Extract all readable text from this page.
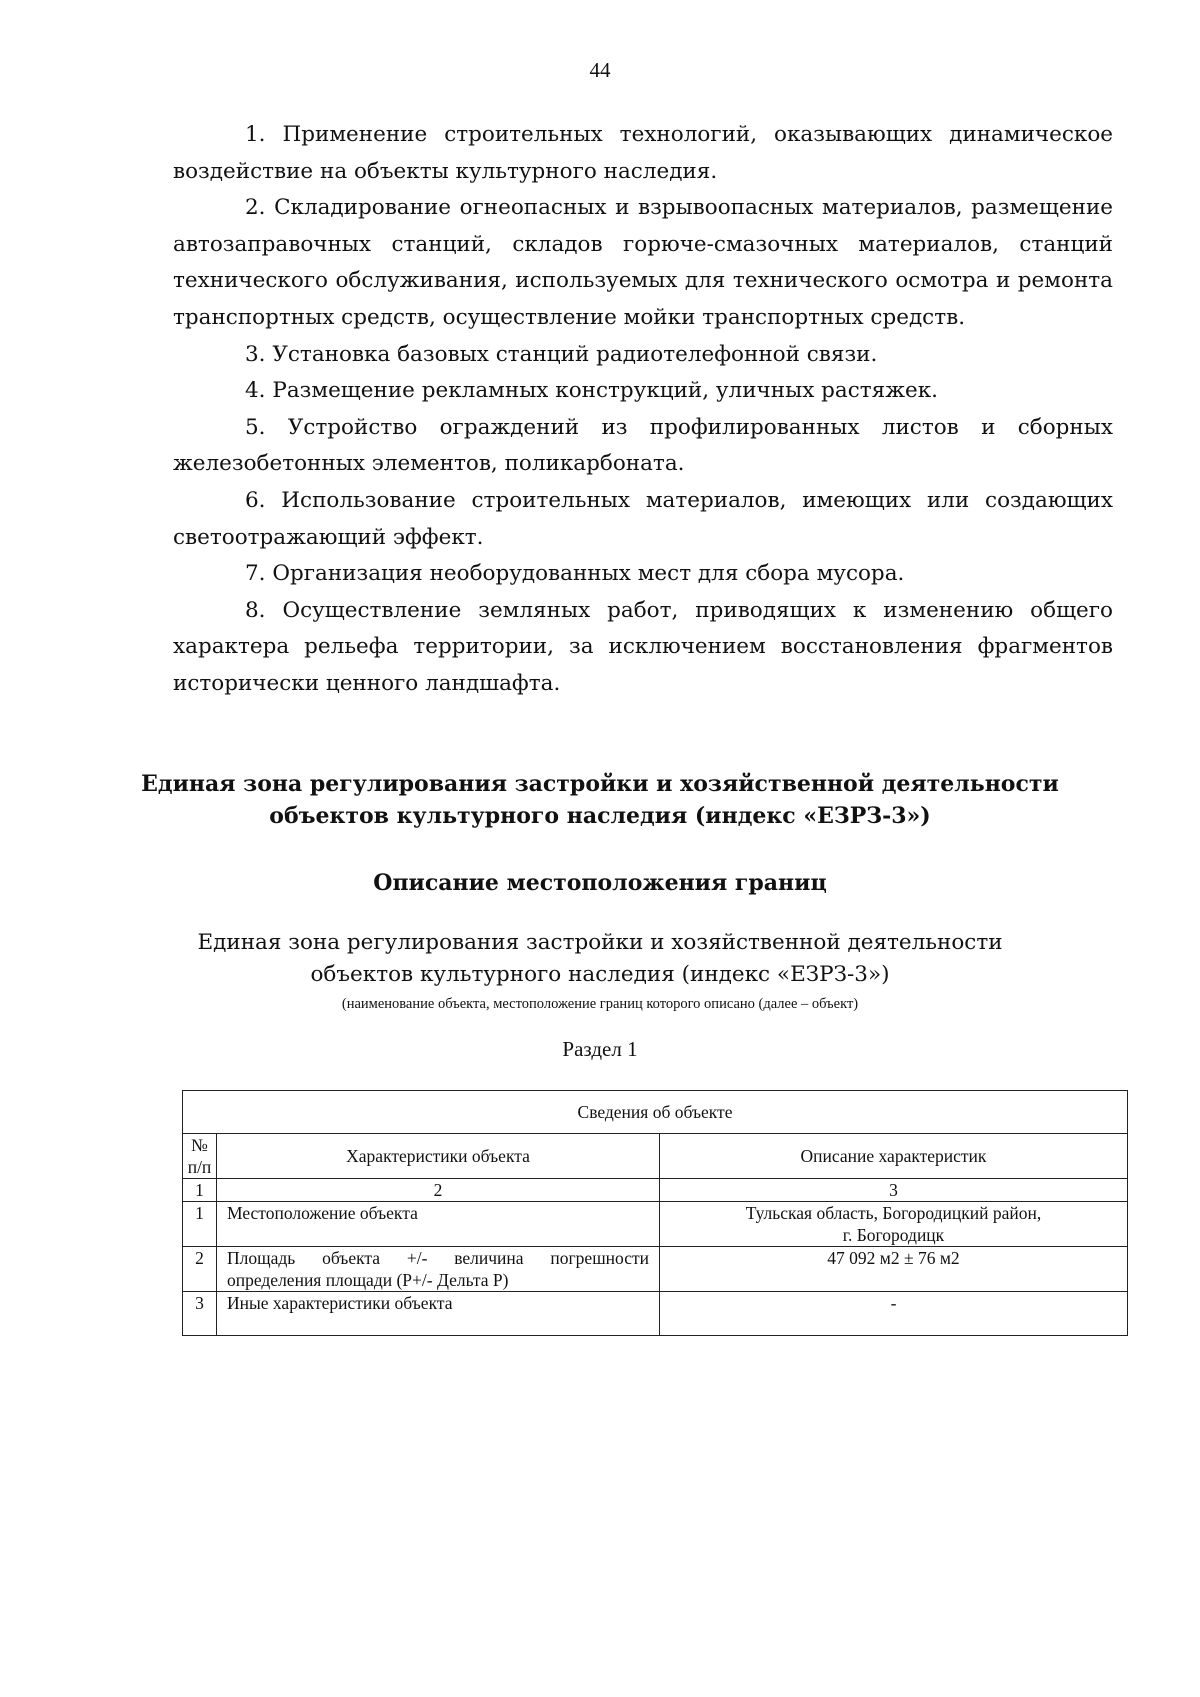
44

1. Применение строительных технологий, оказывающих динамическое воздействие на объекты культурного наследия.

2. Складирование огнеопасных и взрывоопасных материалов, размещение автозаправочных станций, складов горюче-смазочных материалов, станций технического обслуживания, используемых для технического осмотра и ремонта транспортных средств, осуществление мойки транспортных средств.

3. Установка базовых станций радиотелефонной связи.

4. Размещение рекламных конструкций, уличных растяжек.

5. Устройство ограждений из профилированных листов и сборных железобетонных элементов, поликарбоната.

6. Использование строительных материалов, имеющих или создающих светоотражающий эффект.

7. Организация необорудованных мест для сбора мусора.

8. Осуществление земляных работ, приводящих к изменению общего характера рельефа территории, за исключением восстановления фрагментов исторически ценного ландшафта.

Единая зона регулирования застройки и хозяйственной деятельности
объектов культурного наследия (индекс «ЕЗРЗ-3»)
Описание местоположения границ
Единая зона регулирования застройки и хозяйственной деятельности
объектов культурного наследия (индекс «ЕЗРЗ-3»)
(наименование объекта, местоположение границ которого описано (далее – объект)
Раздел 1
Сведения об объекте		

№
п/п	Характеристики объекта	Описание характеристик
1	2	3
1	Местоположение объекта	Тульская область, Богородицкий район,
г. Богородицк

2	Площадь объекта +/- величина погрешности определения площади (Р+/- Дельта Р)	47 092 м2 ± 76 м2

3	Иные характеристики объекта	-
